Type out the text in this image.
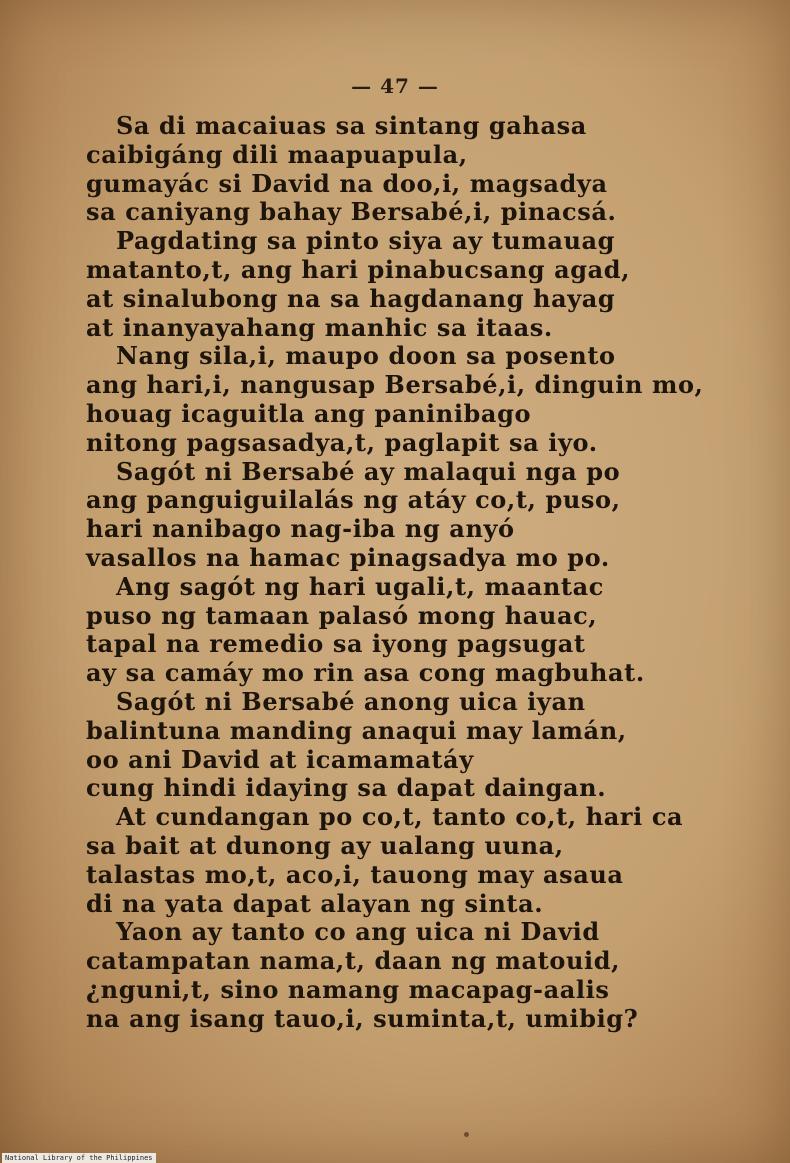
— 47 —
Sa di macaiuas sa sintang gahasa
caibigáng dili maapuapula,
gumayác si David na doo,i, magsadya
sa caniyang bahay Bersabé,i, pinacsá.
Pagdating sa pinto siya ay tumauag
matanto,t, ang hari pinabucsang agad,
at sinalubong na sa hagdanang hayag
at inanyayahang manhic sa itaas.
Nang sila,i, maupo doon sa posento
ang hari,i, nangusap Bersabé,i, dinguin mo,
houag icaguitla ang paninibago
nitong pagsasadya,t, paglapit sa iyo.
Sagót ni Bersabé ay malaqui nga po
ang panguiguilalás ng atáy co,t, puso,
hari nanibago nag-iba ng anyó
vasallos na hamac pinagsadya mo po.
Ang sagót ng hari ugali,t, maantac
puso ng tamaan palasó mong hauac,
tapal na remedio sa iyong pagsugat
ay sa camáy mo rin asa cong magbuhat.
Sagót ni Bersabé anong uica iyan
balintuna manding anaqui may lamán,
oo ani David at icamamatáy
cung hindi idaying sa dapat daingan.
At cundangan po co,t, tanto co,t, hari ca
sa bait at dunong ay ualang uuna,
talastas mo,t, aco,i, tauong may asaua
di na yata dapat alayan ng sinta.
Yaon ay tanto co ang uica ni David
catampatan nama,t, daan ng matouid,
¿nguni,t, sino namang macapag-aalis
na ang isang tauo,i, suminta,t, umibig?
National Library of the Philippines
